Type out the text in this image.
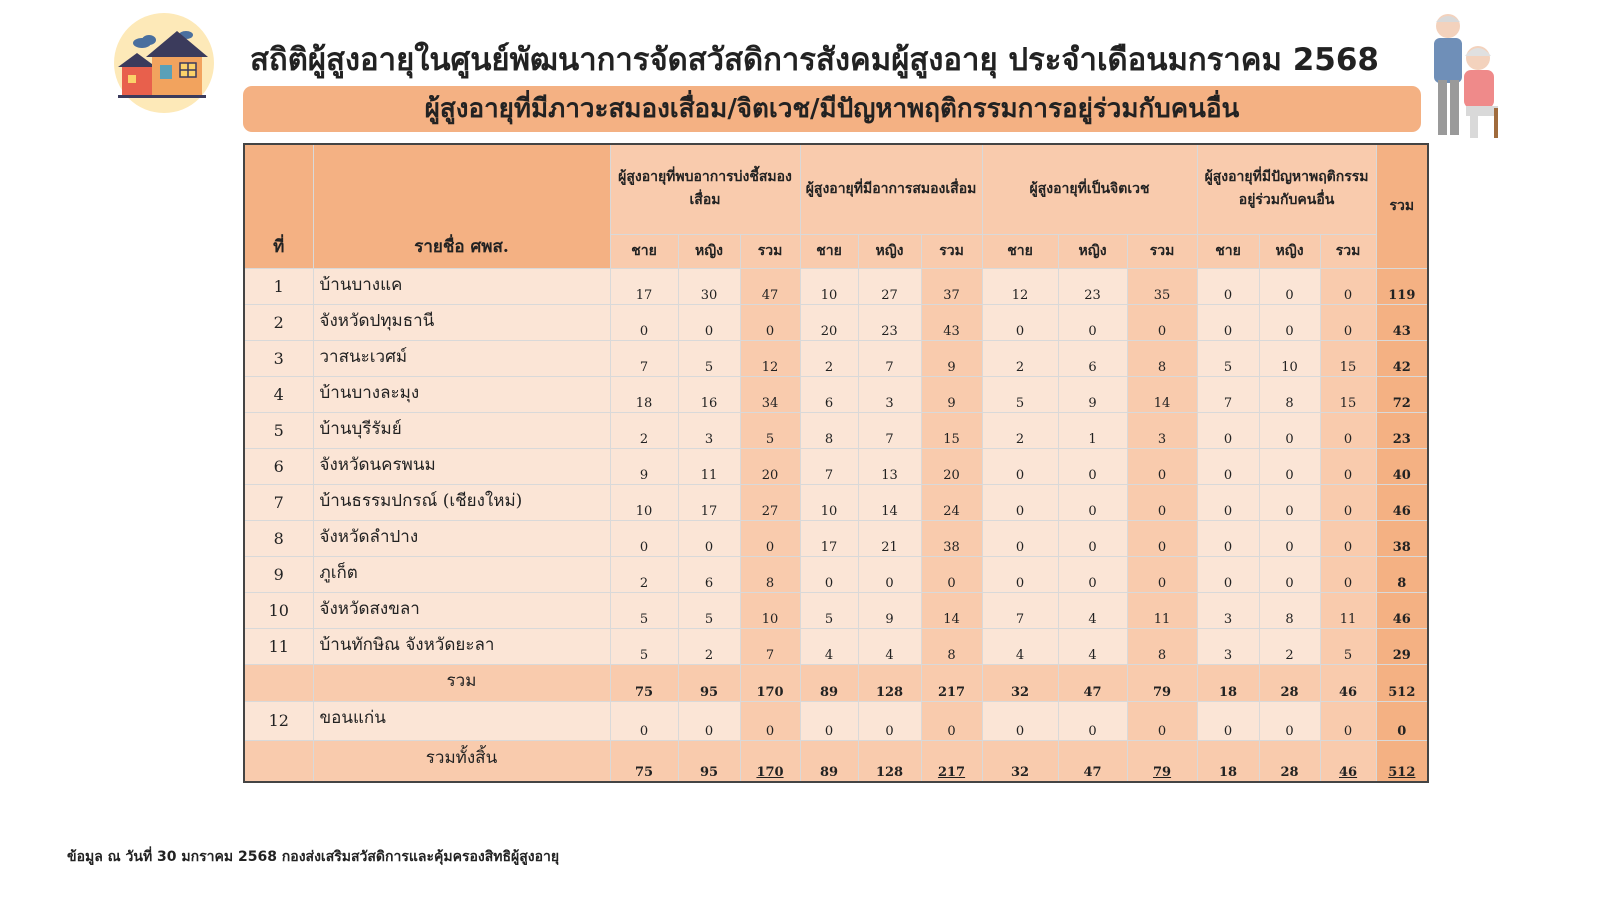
สถิติผู้สูงอายุในศูนย์พัฒนาการจัดสวัสดิการสังคมผู้สูงอายุ ประจำเดือนมกราคม 2568
ผู้สูงอายุที่มีภาวะสมองเสื่อม/จิตเวช/มีปัญหาพฤติกรรมการอยู่ร่วมกับคนอื่น
ที่	รายชื่อ ศพส.	ผู้สูงอายุที่พบอาการบ่งชี้สมองเสื่อม			ผู้สูงอายุที่มีอาการสมองเสื่อม			ผู้สูงอายุที่เป็นจิตเวช			ผู้สูงอายุที่มีปัญหาพฤติกรรมอยู่ร่วมกับคนอื่น			รวม
		ชาย	หญิง	รวม	ชาย	หญิง	รวม	ชาย	หญิง	รวม	ชาย	หญิง	รวม	
1	บ้านบางแค	17	30	47	10	27	37	12	23	35	0	0	0	119
2	จังหวัดปทุมธานี	0	0	0	20	23	43	0	0	0	0	0	0	43
3	วาสนะเวศม์	7	5	12	2	7	9	2	6	8	5	10	15	42
4	บ้านบางละมุง	18	16	34	6	3	9	5	9	14	7	8	15	72
5	บ้านบุรีรัมย์	2	3	5	8	7	15	2	1	3	0	0	0	23
6	จังหวัดนครพนม	9	11	20	7	13	20	0	0	0	0	0	0	40
7	บ้านธรรมปกรณ์ (เชียงใหม่)	10	17	27	10	14	24	0	0	0	0	0	0	46
8	จังหวัดลำปาง	0	0	0	17	21	38	0	0	0	0	0	0	38
9	ภูเก็ต	2	6	8	0	0	0	0	0	0	0	0	0	8
10	จังหวัดสงขลา	5	5	10	5	9	14	7	4	11	3	8	11	46
11	บ้านทักษิณ จังหวัดยะลา	5	2	7	4	4	8	4	4	8	3	2	5	29
	รวม	75	95	170	89	128	217	32	47	79	18	28	46	512
12	ขอนแก่น	0	0	0	0	0	0	0	0	0	0	0	0	0
	รวมทั้งสิ้น	75	95	170	89	128	217	32	47	79	18	28	46	512
ข้อมูล ณ วันที่ 30 มกราคม 2568 กองส่งเสริมสวัสดิการและคุ้มครองสิทธิผู้สูงอายุ
